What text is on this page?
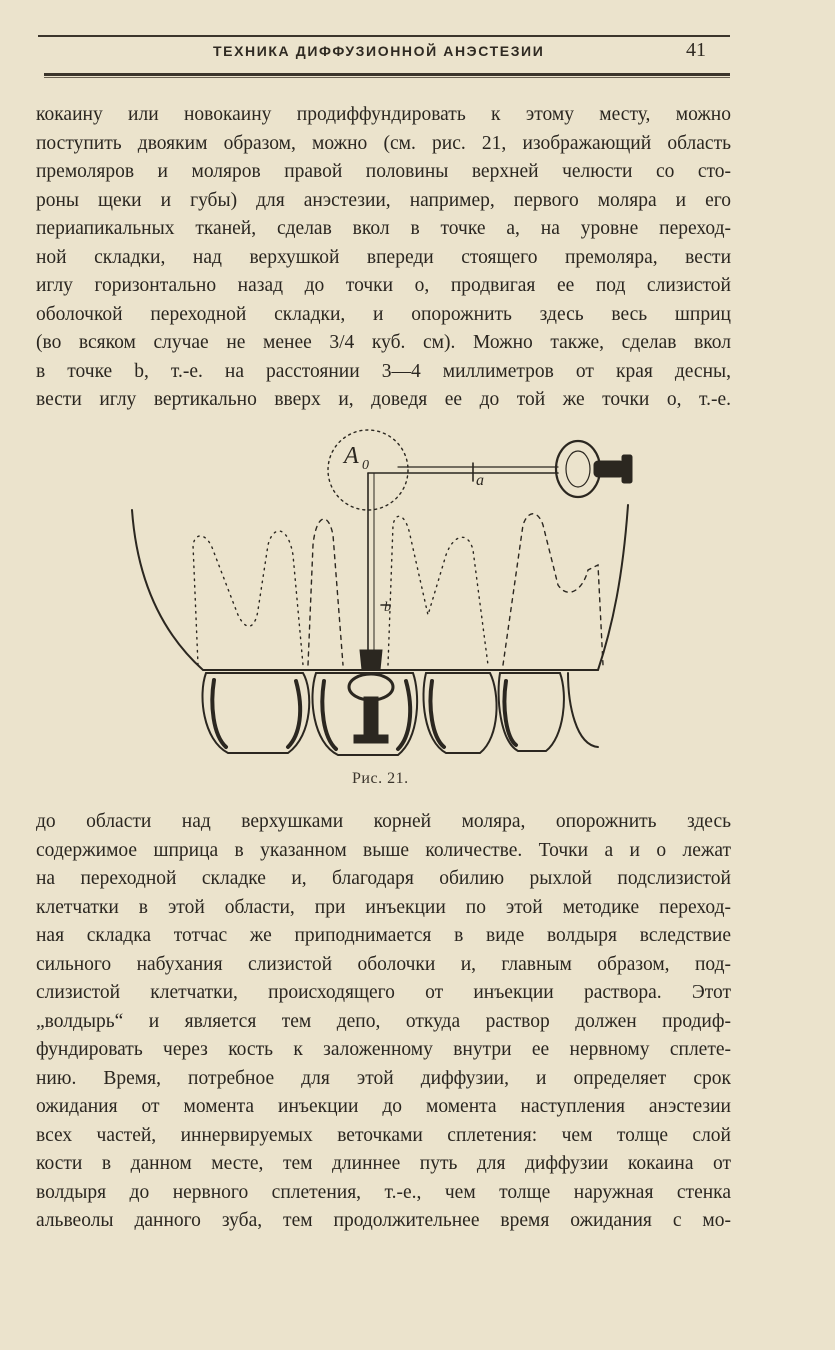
ТЕХНИКА ДИФФУЗИОННОЙ АНЭСТЕЗИИ	41
кокаину или новокаину продиффундировать к этому месту, можно
поступить двояким образом, можно (см. рис. 21, изображающий область
премоляров и моляров правой половины верхней челюсти со сто-
роны щеки и губы) для анэстезии, например, первого моляра и его
периапикальных тканей, сделав вкол в точке a, на уровне переход-
ной складки, над верхушкой впереди стоящего премоляра, вести
иглу горизонтально назад до точки o, продвигая ее под слизистой
оболочкой переходной складки, и опорожнить здесь весь шприц
(во всяком случае не менее 3/4 куб. см). Можно также, сделав вкол
в точке b, т.-е. на расстоянии 3—4 миллиметров от края десны,
вести иглу вертикально вверх и, доведя ее до той же точки o, т.-е.
A 0
a
b
Рис. 21.
до области над верхушками корней моляра, опорожнить здесь
содержимое шприца в указанном выше количестве. Точки a и o лежат
на переходной складке и, благодаря обилию рыхлой подслизистой
клетчатки в этой области, при инъекции по этой методике переход-
ная складка тотчас же приподнимается в виде волдыря вследствие
сильного набухания слизистой оболочки и, главным образом, под-
слизистой клетчатки, происходящего от инъекции раствора. Этот
„волдырь“ и является тем депо, откуда раствор должен продиф-
фундировать через кость к заложенному внутри ее нервному сплете-
нию. Время, потребное для этой диффузии, и определяет срок
ожидания от момента инъекции до момента наступления анэстезии
всех частей, иннервируемых веточками сплетения: чем толще слой
кости в данном месте, тем длиннее путь для диффузии кокаина от
волдыря до нервного сплетения, т.-е., чем толще наружная стенка
альвеолы данного зуба, тем продолжительнее время ожидания с мо-
